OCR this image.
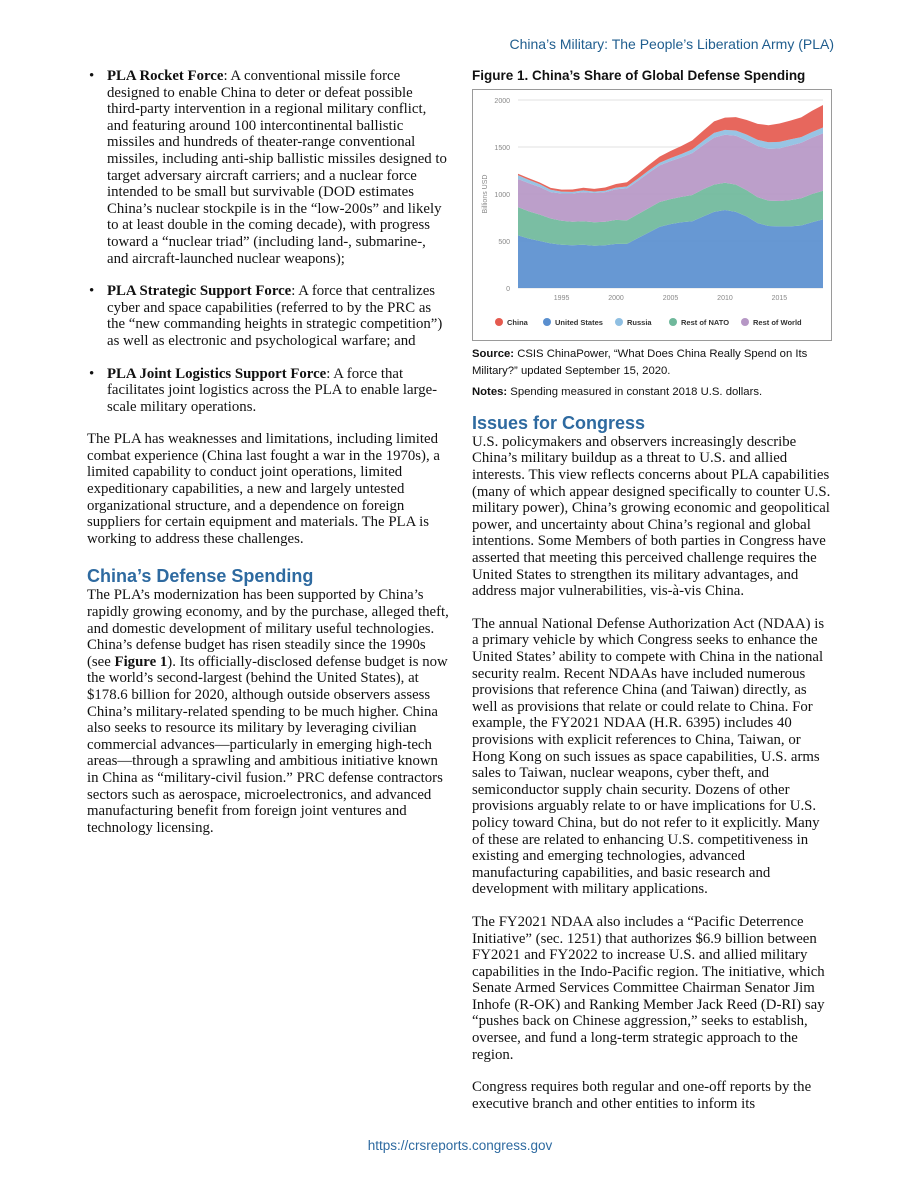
China’s Military: The People’s Liberation Army (PLA)
• PLA Rocket Force: A conventional missile force designed to enable China to deter or defeat possible third-party intervention in a regional military conflict, and featuring around 100 intercontinental ballistic missiles and hundreds of theater-range conventional missiles, including anti-ship ballistic missiles designed to target adversary aircraft carriers; and a nuclear force intended to be small but survivable (DOD estimates China’s nuclear stockpile is in the “low-200s” and likely to at least double in the coming decade), with progress toward a “nuclear triad” (including land-, submarine-, and aircraft-launched nuclear weapons);
• PLA Strategic Support Force: A force that centralizes cyber and space capabilities (referred to by the PRC as the “new commanding heights in strategic competition”) as well as electronic and psychological warfare; and
• PLA Joint Logistics Support Force: A force that facilitates joint logistics across the PLA to enable large-scale military operations.

The PLA has weaknesses and limitations, including limited combat experience (China last fought a war in the 1970s), a limited capability to conduct joint operations, limited expeditionary capabilities, a new and largely untested organizational structure, and a dependence on foreign suppliers for certain equipment and materials. The PLA is working to address these challenges.

China’s Defense Spending

The PLA’s modernization has been supported by China’s rapidly growing economy, and by the purchase, alleged theft, and domestic development of military useful technologies. China’s defense budget has risen steadily since the 1990s (see Figure 1). Its officially-disclosed defense budget is now the world’s second-largest (behind the United States), at $178.6 billion for 2020, although outside observers assess China’s military-related spending to be much higher. China also seeks to resource its military by leveraging civilian commercial advances—particularly in emerging high-tech areas—through a sprawling and ambitious initiative known in China as “military-civil fusion.” PRC defense contractors sectors such as aerospace, microelectronics, and advanced manufacturing benefit from foreign joint ventures and technology licensing.

Figure 1. China’s Share of Global Defense Spending
0
500
1000
1500
2000
1995	2000	2005	2010	2015
Billions USD
China	United States	Russia	Rest of NATO	Rest of World
Source: CSIS ChinaPower, “What Does China Really Spend on Its Military?” updated September 15, 2020.
Notes: Spending measured in constant 2018 U.S. dollars.
Issues for Congress

U.S. policymakers and observers increasingly describe China’s military buildup as a threat to U.S. and allied interests. This view reflects concerns about PLA capabilities (many of which appear designed specifically to counter U.S. military power), China’s growing economic and geopolitical power, and uncertainty about China’s regional and global intentions. Some Members of both parties in Congress have asserted that meeting this perceived challenge requires the United States to strengthen its military advantages, and address major vulnerabilities, vis-à-vis China.

The annual National Defense Authorization Act (NDAA) is a primary vehicle by which Congress seeks to enhance the United States’ ability to compete with China in the national security realm. Recent NDAAs have included numerous provisions that reference China (and Taiwan) directly, as well as provisions that relate or could relate to China. For example, the FY2021 NDAA (H.R. 6395) includes 40 provisions with explicit references to China, Taiwan, or Hong Kong on such issues as space capabilities, U.S. arms sales to Taiwan, nuclear weapons, cyber theft, and semiconductor supply chain security. Dozens of other provisions arguably relate to or have implications for U.S. policy toward China, but do not refer to it explicitly. Many of these are related to enhancing U.S. competitiveness in existing and emerging technologies, advanced manufacturing capabilities, and basic research and development with military applications.

The FY2021 NDAA also includes a “Pacific Deterrence Initiative” (sec. 1251) that authorizes $6.9 billion between FY2021 and FY2022 to increase U.S. and allied military capabilities in the Indo-Pacific region. The initiative, which Senate Armed Services Committee Chairman Senator Jim Inhofe (R-OK) and Ranking Member Jack Reed (D-RI) say “pushes back on Chinese aggression,” seeks to establish, oversee, and fund a long-term strategic approach to the region.

Congress requires both regular and one-off reports by the executive branch and other entities to inform its

https://crsreports.congress.gov
